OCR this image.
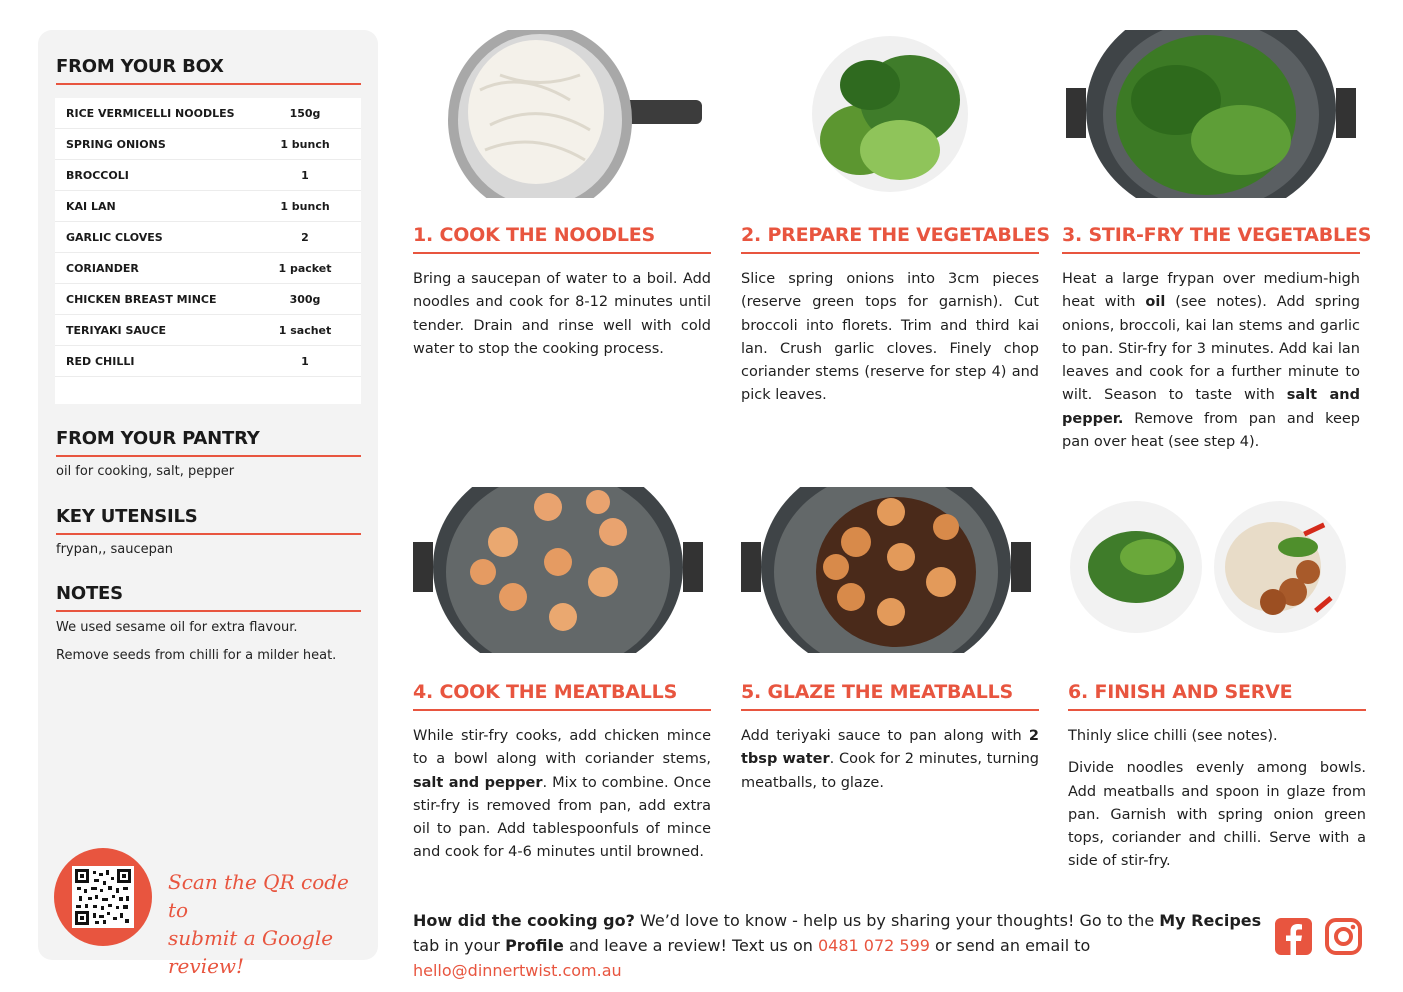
FROM YOUR BOX
RICE VERMICELLI NOODLES	150g
SPRING ONIONS	1 bunch
BROCCOLI	1
KAI LAN	1 bunch
GARLIC CLOVES	2
CORIANDER	1 packet
CHICKEN BREAST MINCE	300g
TERIYAKI SAUCE	1 sachet
RED CHILLI	1
FROM YOUR PANTRY
oil for cooking, salt, pepper
KEY UTENSILS
frypan,, saucepan
NOTES
We used sesame oil for extra flavour.
Remove seeds from chilli for a milder heat.
Scan the QR code to
submit a Google review!
1. COOK THE NOODLES

Bring a saucepan of water to a boil. Add noodles and cook for 8-12 minutes until tender. Drain and rinse well with cold water to stop the cooking process.

2. PREPARE THE VEGETABLES

Slice spring onions into 3cm pieces (reserve green tops for garnish). Cut broccoli into florets. Trim and third kai lan. Crush garlic cloves. Finely chop coriander stems (reserve for step 4) and pick leaves.

3. STIR-FRY THE VEGETABLES

Heat a large frypan over medium-high heat with oil (see notes). Add spring onions, broccoli, kai lan stems and garlic to pan. Stir-fry for 3 minutes. Add kai lan leaves and cook for a further minute to wilt. Season to taste with salt and pepper. Remove from pan and keep pan over heat (see step 4).

4. COOK THE MEATBALLS

While stir-fry cooks, add chicken mince to a bowl along with coriander stems, salt and pepper. Mix to combine. Once stir-fry is removed from pan, add extra oil to pan. Add tablespoonfuls of mince and cook for 4-6 minutes until browned.

5. GLAZE THE MEATBALLS

Add teriyaki sauce to pan along with 2 tbsp water. Cook for 2 minutes, turning meatballs, to glaze.

6. FINISH AND SERVE

Thinly slice chilli (see notes).

Divide noodles evenly among bowls. Add meatballs and spoon in glaze from pan. Garnish with spring onion green tops, coriander and chilli. Serve with a side of stir-fry.

How did the cooking go? We’d love to know - help us by sharing your thoughts! Go to the My Recipes tab in your Profile and leave a review! Text us on 0481 072 599 or send an email to hello@dinnertwist.com.au
